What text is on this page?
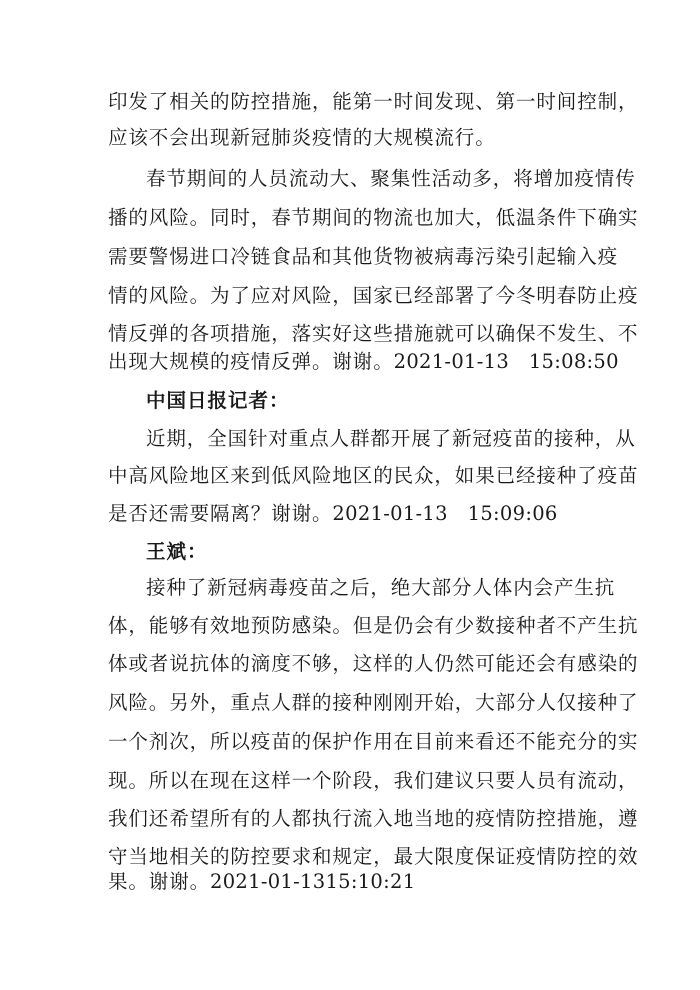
印发了相关的防控措施，能第一时间发现、第一时间控制，
应该不会出现新冠肺炎疫情的大规模流行。
春节期间的人员流动大、聚集性活动多，将增加疫情传
播的风险。同时，春节期间的物流也加大，低温条件下确实
需要警惕进口冷链食品和其他货物被病毒污染引起输入疫
情的风险。为了应对风险，国家已经部署了今冬明春防止疫
情反弹的各项措施，落实好这些措施就可以确保不发生、不
出现大规模的疫情反弹。谢谢。2021-01-13　15:08:50
中国日报记者：
近期，全国针对重点人群都开展了新冠疫苗的接种，从
中高风险地区来到低风险地区的民众，如果已经接种了疫苗
是否还需要隔离？谢谢。2021-01-13　15:09:06
王斌：
接种了新冠病毒疫苗之后，绝大部分人体内会产生抗
体，能够有效地预防感染。但是仍会有少数接种者不产生抗
体或者说抗体的滴度不够，这样的人仍然可能还会有感染的
风险。另外，重点人群的接种刚刚开始，大部分人仅接种了
一个剂次，所以疫苗的保护作用在目前来看还不能充分的实
现。所以在现在这样一个阶段，我们建议只要人员有流动，
我们还希望所有的人都执行流入地当地的疫情防控措施，遵
守当地相关的防控要求和规定，最大限度保证疫情防控的效
果。谢谢。2021-01-1315:10:21
